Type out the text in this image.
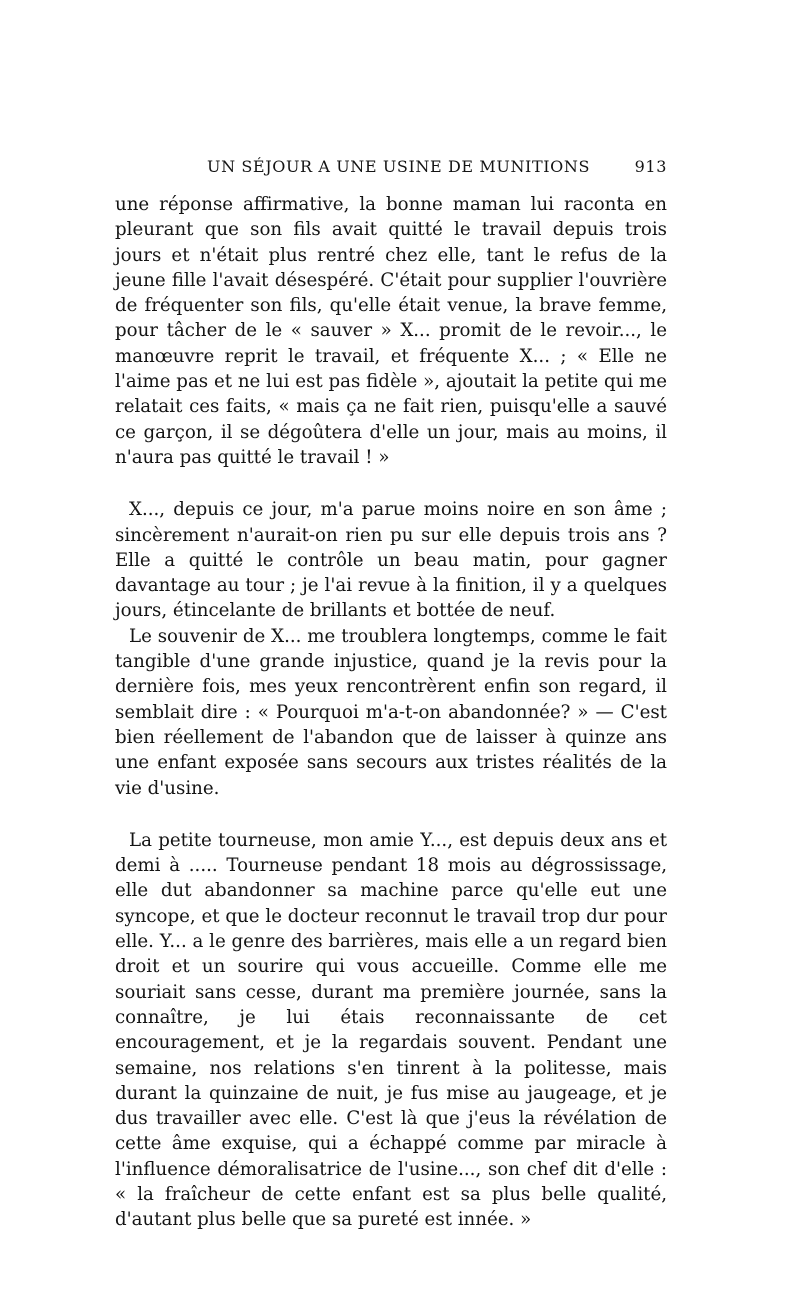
UN SÉJOUR A UNE USINE DE MUNITIONS	913

une réponse affirmative, la bonne maman lui raconta en pleurant que son fils avait quitté le travail depuis trois jours et n'était plus rentré chez elle, tant le refus de la jeune fille l'avait désespéré. C'était pour supplier l'ouvrière de fréquenter son fils, qu'elle était venue, la brave femme, pour tâcher de le « sauver » X... promit de le revoir..., le manœuvre reprit le travail, et fréquente X... ; « Elle ne l'aime pas et ne lui est pas fidèle », ajoutait la petite qui me relatait ces faits, « mais ça ne fait rien, puisqu'elle a sauvé ce garçon, il se dégoûtera d'elle un jour, mais au moins, il n'aura pas quitté le travail ! »

X..., depuis ce jour, m'a parue moins noire en son âme ; sincèrement n'aurait-on rien pu sur elle depuis trois ans ? Elle a quitté le contrôle un beau matin, pour gagner davantage au tour ; je l'ai revue à la finition, il y a quelques jours, étincelante de brillants et bottée de neuf.

Le souvenir de X... me troublera longtemps, comme le fait tangible d'une grande injustice, quand je la revis pour la dernière fois, mes yeux rencontrèrent enfin son regard, il semblait dire : « Pourquoi m'a-t-on abandonnée? » — C'est bien réellement de l'abandon que de laisser à quinze ans une enfant exposée sans secours aux tristes réalités de la vie d'usine.

La petite tourneuse, mon amie Y..., est depuis deux ans et demi à ..... Tourneuse pendant 18 mois au dégrossissage, elle dut abandonner sa machine parce qu'elle eut une syncope, et que le docteur reconnut le travail trop dur pour elle. Y... a le genre des barrières, mais elle a un regard bien droit et un sourire qui vous accueille. Comme elle me souriait sans cesse, durant ma première journée, sans la connaître, je lui étais reconnaissante de cet encouragement, et je la regardais souvent. Pendant une semaine, nos relations s'en tinrent à la politesse, mais durant la quinzaine de nuit, je fus mise au jaugeage, et je dus travailler avec elle. C'est là que j'eus la révélation de cette âme exquise, qui a échappé comme par miracle à l'influence démoralisatrice de l'usine..., son chef dit d'elle : « la fraîcheur de cette enfant est sa plus belle qualité, d'autant plus belle que sa pureté est innée. »
